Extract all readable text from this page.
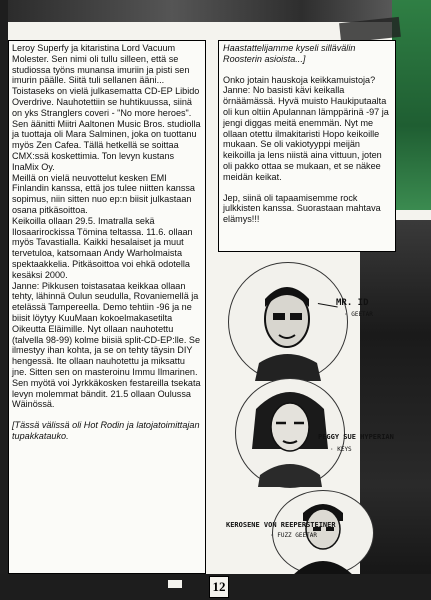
Leroy Superfy ja kitaristina Lord Vacuum Molester. Sen nimi oli tullu silleen, että se studiossa työns munansa imuriin ja pisti sen imurin päälle. Siitä tuli sellanen ääni...

Toistaseks on vielä julkasematta CD-EP Libido Overdrive. Nauhotettiin se huhtikuussa, siinä on yks Stranglers coveri - "No more heroes". Sen äänitti Miitri Aaltonen Music Bros. studiolla ja tuottaja oli Mara Salminen, joka on tuottanu myös Zen Cafea. Tällä hetkellä se soittaa CMX:ssä koskettimia. Ton levyn kustans InaMix Oy.

Meillä on vielä neuvottelut kesken EMI Finlandin kanssa, että jos tulee niitten kanssa sopimus, niin sitten nuo ep:n biisit julkastaan osana pitkäsoittoa.

Keikoilla ollaan 29.5. Imatralla sekä Ilosaarirockissa Tömina teltassa. 11.6. ollaan myös Tavastialla. Kaikki hesalaiset ja muut tervetuloa, katsomaan Andy Warholmaista spektaakkelia. Pitkäsoittoa voi ehkä odotella kesäksi 2000.

Janne: Pikkusen toistasataa keikkaa ollaan tehty, lähinnä Oulun seudulla, Rovaniemellä ja etelässä Tampereella. Demo tehtiin -96 ja ne biisit löytyy KuuMaan kokoelmakasetilta Oikeutta Eläimille. Nyt ollaan nauhotettu (talvella 98-99) kolme biisiä split-CD-EP:lle. Se ilmestyy ihan kohta, ja se on tehty täysin DIY hengessä. Ite ollaan nauhotettu ja miksattu jne. Sitten sen on masteroinu Immu Ilmarinen.

Sen myötä voi Jyrkkäkosken festareilla tsekata levyn molemmat bändit. 21.5 ollaan Oulussa Wäinössä.

[Tässä välissä oli Hot Rodin ja latojatoimittajan tupakkatauko.

Haastattelijamme kyseli sillävälin Roosterin asioista...]

Onko jotain hauskoja keikkamuistoja?

Janne: No basisti kävi keikalla örnäämässä. Hyvä muisto Haukiputaalta oli kun oltiin Apulannan lämppärinä -97 ja jengi diggas meitä enemmän. Nyt me ollaan otettu ilmakitaristi Hopo keikoille mukaan. Se oli vakiotyyppi meijän keikoilla ja lens niistä aina vittuun, joten oli pakko ottaa se mukaan, et se näkee meidän keikat.

Jep, siinä oli tapaamisemme rock julkkisten kanssa. Suorastaan mahtava elämys!!!

MR. ID
· GEETAR
PEGGY SUE HYPERIAN
· KEYS
KEROSENE VON REEPERSTEINER
· FUZZ GEETAR
12
